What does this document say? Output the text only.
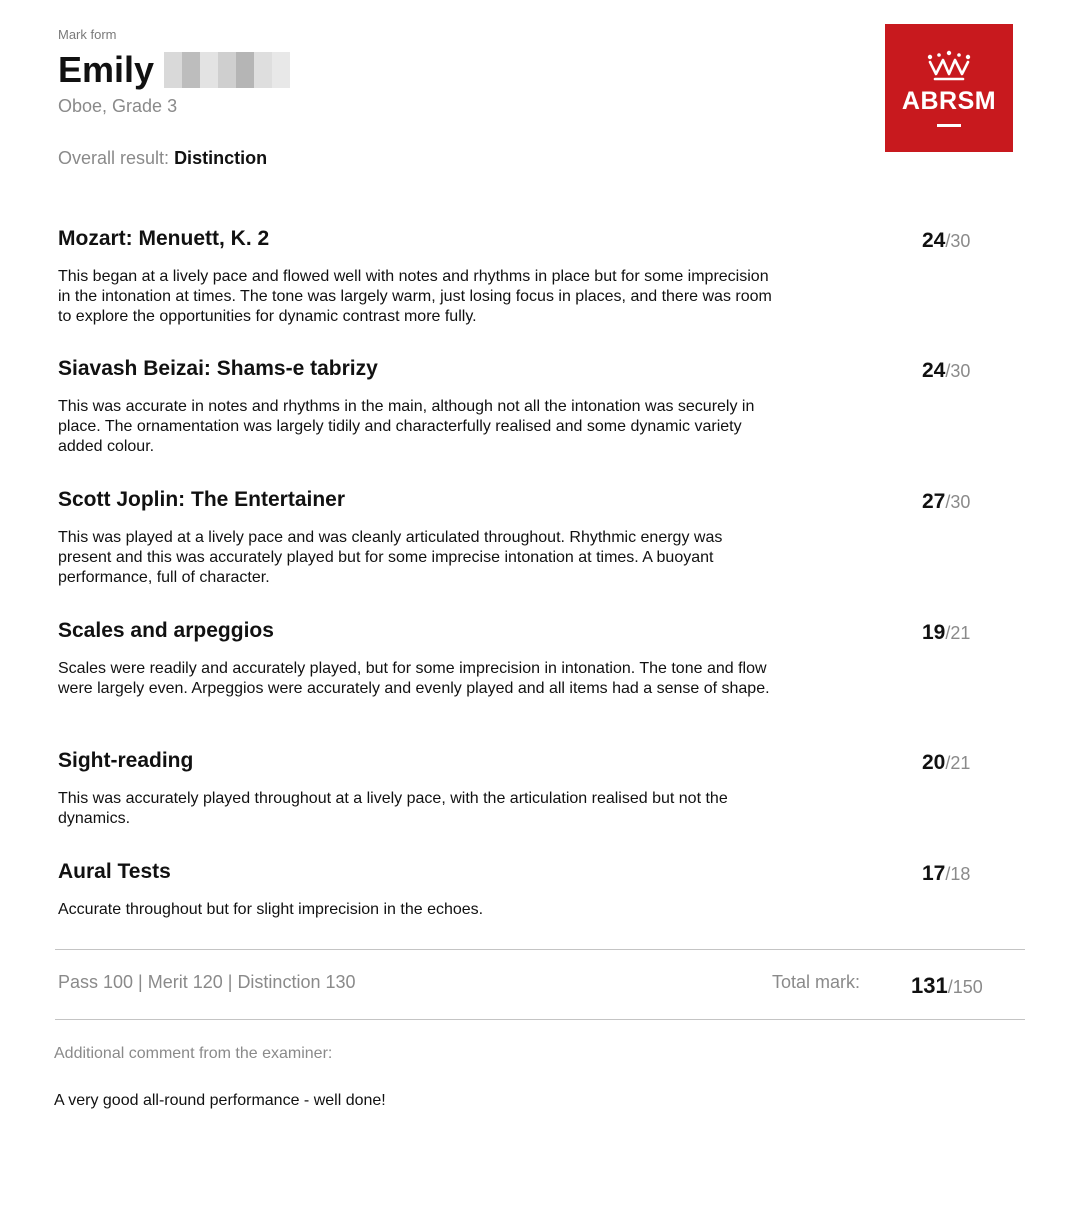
Mark form
Emily
Oboe, Grade 3
Overall result: Distinction
ABRSM
Mozart: Menuett, K. 2	24/30
This began at a lively pace and flowed well with notes and rhythms in place but for some imprecision in the intonation at times. The tone was largely warm, just losing focus in places, and there was room to explore the opportunities for dynamic contrast more fully.
Siavash Beizai: Shams-e tabrizy	24/30
This was accurate in notes and rhythms in the main, although not all the intonation was securely in place. The ornamentation was largely tidily and characterfully realised and some dynamic variety added colour.
Scott Joplin: The Entertainer	27/30
This was played at a lively pace and was cleanly articulated throughout. Rhythmic energy was present and this was accurately played but for some imprecise intonation at times. A buoyant performance, full of character.
Scales and arpeggios	19/21
Scales were readily and accurately played, but for some imprecision in intonation. The tone and flow were largely even. Arpeggios were accurately and evenly played and all items had a sense of shape.
Sight-reading	20/21
This was accurately played throughout at a lively pace, with the articulation realised but not the dynamics.
Aural Tests	17/18
Accurate throughout but for slight imprecision in the echoes.
Pass 100 | Merit 120 | Distinction 130	Total mark: 131/150
Additional comment from the examiner:
A very good all-round performance - well done!
